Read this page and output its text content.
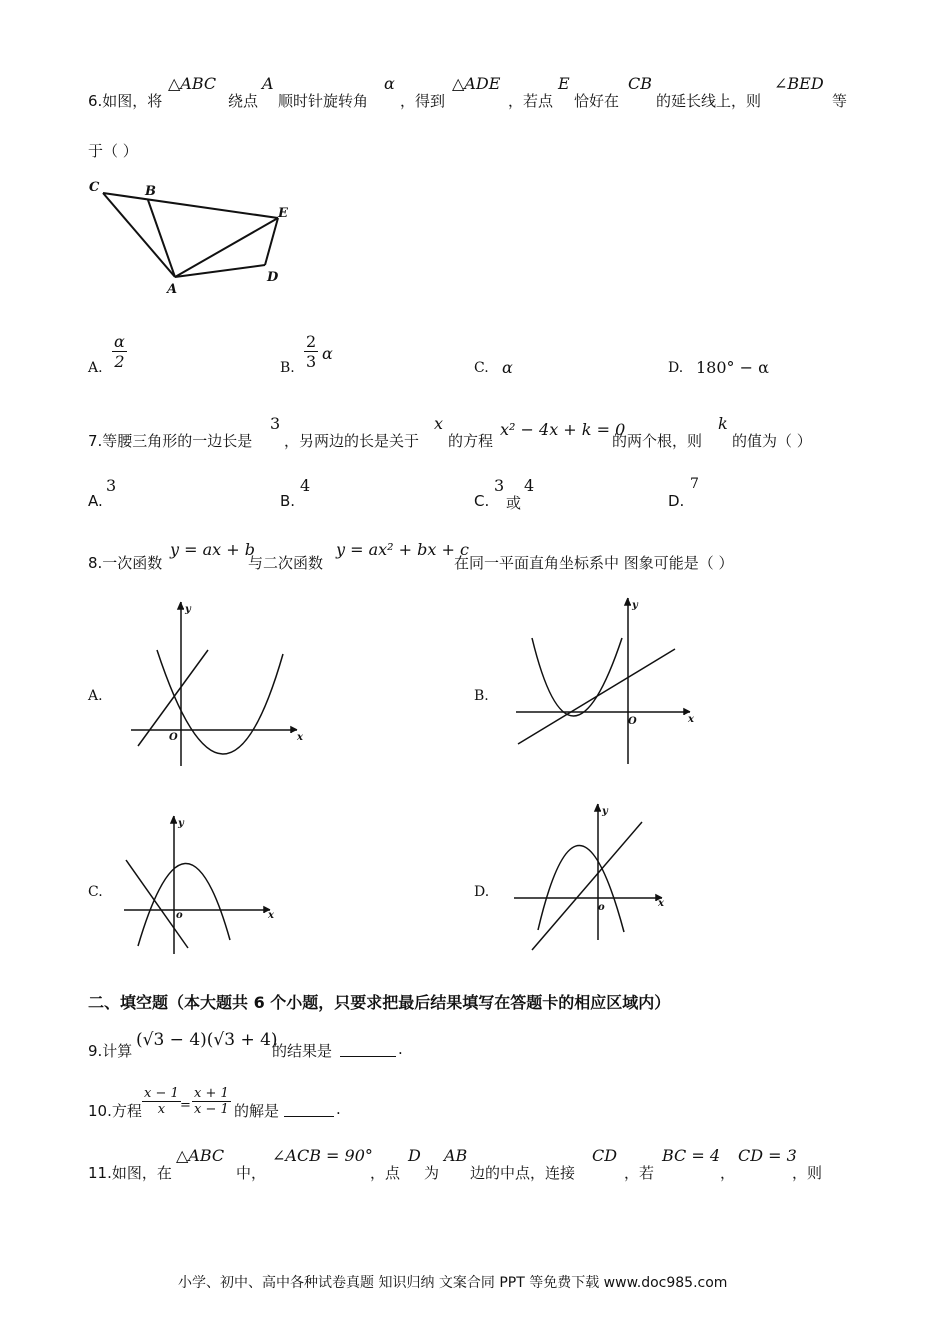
6.如图，将
△ABC
绕点
A
顺时针旋转角
α
，得到
△ADE
，若点
E
恰好在
CB
的延长线上，则
∠BED
等
于（ ）
C	B
E
D
A
A. $\frac{\alpha}{2}$	B. $\frac{2}{3}$ α
C. α	D. 180° − α
7.等腰三角形的一边长是
3
，另两边的长是关于
x
的方程
x² − 4x + k = 0
的两个根，则
k
的值为（ ）
A.
3
B.
4
C.
3
或
4
D.
7
8.一次函数
y = ax + b
与二次函数
y = ax² + bx + c
在同一平面直角坐标系中 图象可能是（ ）
A.
y
x
O
B.
y
x
O
C.
y
x
o
D.
y
x
o
二、填空题（本大题共 6 个小题，只要求把最后结果填写在答题卡的相应区域内）
9.计算
(√3 − 4)(√3 + 4)
的结果是	.
10.方程 $\frac{x - 1}{x} = \frac{x + 1}{x - 1}$ 的解是	.
11.如图，在
△ABC
中，
∠ACB = 90°
，点
D
为
AB
边的中点，连接
CD
，若
BC = 4
，
CD = 3
，则
小学、初中、高中各种试卷真题 知识归纳 文案合同 PPT 等免费下载 www.doc985.com
